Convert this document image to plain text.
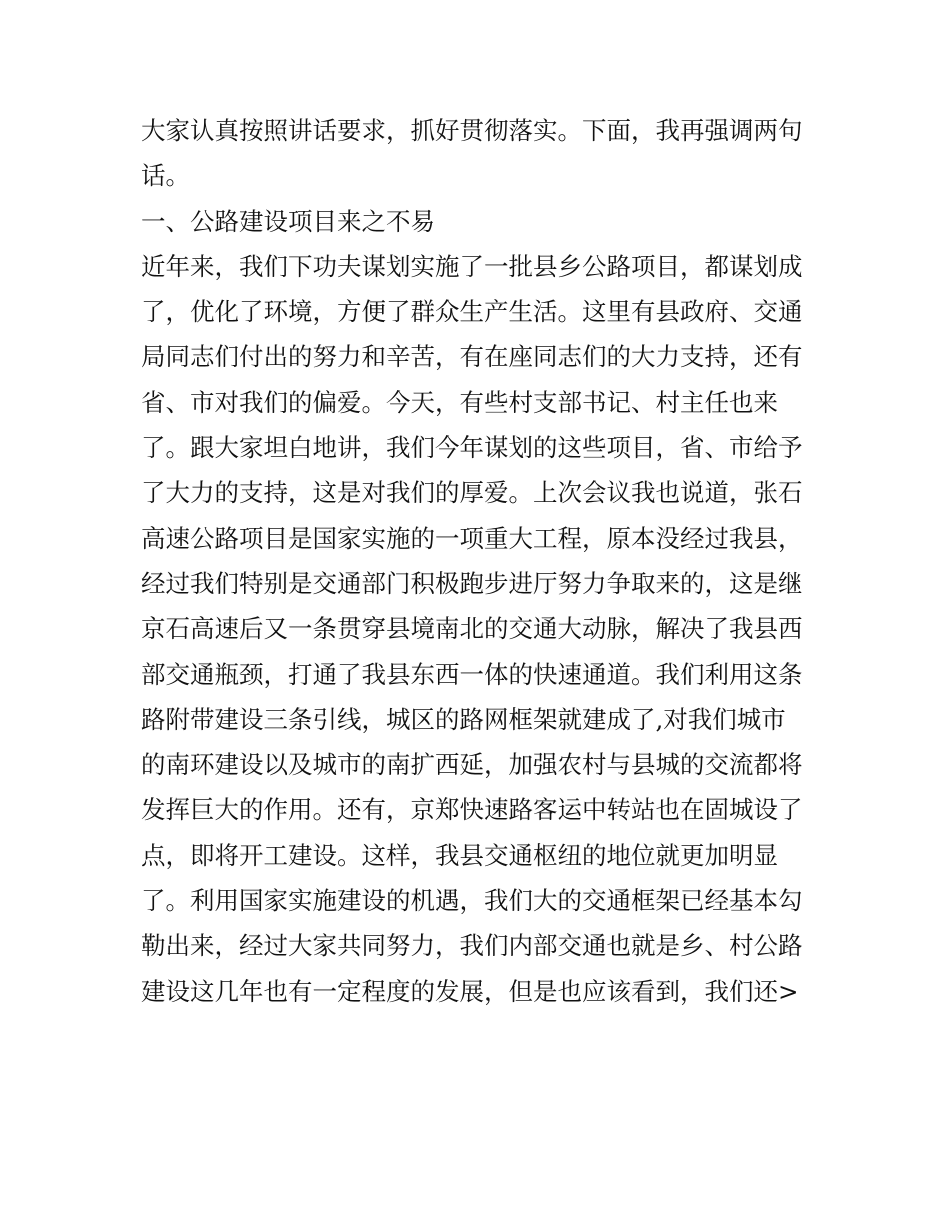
大家认真按照讲话要求，抓好贯彻落实。下面，我再强调两句
话。
一、公路建设项目来之不易
近年来，我们下功夫谋划实施了一批县乡公路项目，都谋划成
了，优化了环境，方便了群众生产生活。这里有县政府、交通
局同志们付出的努力和辛苦，有在座同志们的大力支持，还有
省、市对我们的偏爱。今天，有些村支部书记、村主任也来
了。跟大家坦白地讲，我们今年谋划的这些项目，省、市给予
了大力的支持，这是对我们的厚爱。上次会议我也说道，张石
高速公路项目是国家实施的一项重大工程，原本没经过我县，
经过我们特别是交通部门积极跑步进厅努力争取来的，这是继
京石高速后又一条贯穿县境南北的交通大动脉，解决了我县西
部交通瓶颈，打通了我县东西一体的快速通道。我们利用这条
路附带建设三条引线，城区的路网框架就建成了,对我们城市
的南环建设以及城市的南扩西延，加强农村与县城的交流都将
发挥巨大的作用。还有，京郑快速路客运中转站也在固城设了
点，即将开工建设。这样，我县交通枢纽的地位就更加明显
了。利用国家实施建设的机遇，我们大的交通框架已经基本勾
勒出来，经过大家共同努力，我们内部交通也就是乡、村公路
建设这几年也有一定程度的发展，但是也应该看到，我们还>
